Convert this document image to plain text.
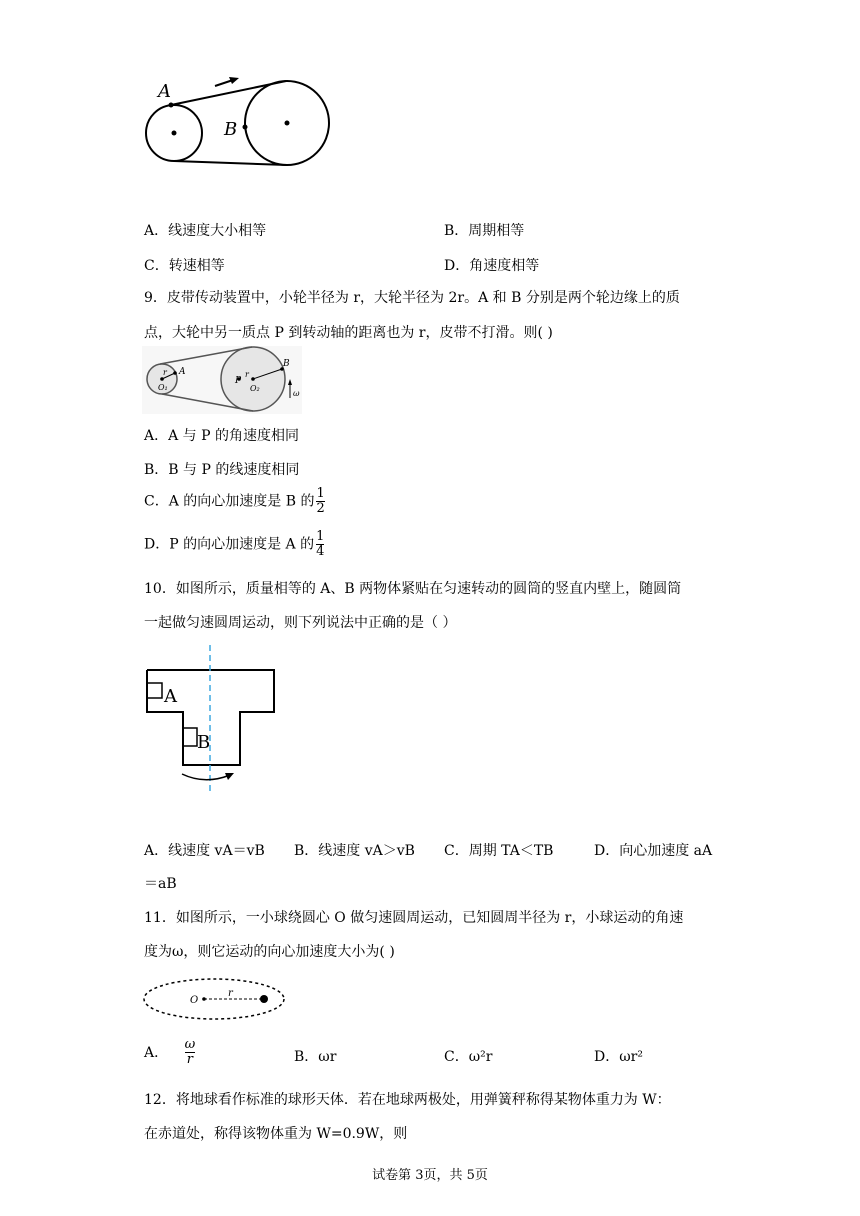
A
B
A．线速度大小相等	B．周期相等
C．转速相等	D．角速度相等
9．皮带传动装置中，小轮半径为 r，大轮半径为 2r。A 和 B 分别是两个轮边缘上的质
点，大轮中另一质点 P 到转动轴的距离也为 r，皮带不打滑。则( )
r A
O₁
P
r
B
O₂
ω
A．A 与 P 的角速度相同
B．B 与 P 的线速度相同
C．A 的向心加速度是 B 的 $\frac{1}{2}$
D．P 的向心加速度是 A 的 $\frac{1}{4}$
10．如图所示，质量相等的 A、B 两物体紧贴在匀速转动的圆筒的竖直内壁上，随圆筒
一起做匀速圆周运动，则下列说法中正确的是（ ）
A
B
A．线速度 vA＝vB B．线速度 vA＞vB C．周期 TA＜TB	D．向心加速度 aA
＝aB
11．如图所示，一小球绕圆心 O 做匀速圆周运动，已知圆周半径为 r，小球运动的角速
度为ω，则它运动的向心加速度大小为( )
O
r
A． $\frac{\omega}{r}$	B．ωr	C．ω²r	D．ωr²
12．将地球看作标准的球形天体．若在地球两极处，用弹簧秤称得某物体重力为 W：
在赤道处，称得该物体重为 W=0.9W，则
试卷第 3页，共 5页
